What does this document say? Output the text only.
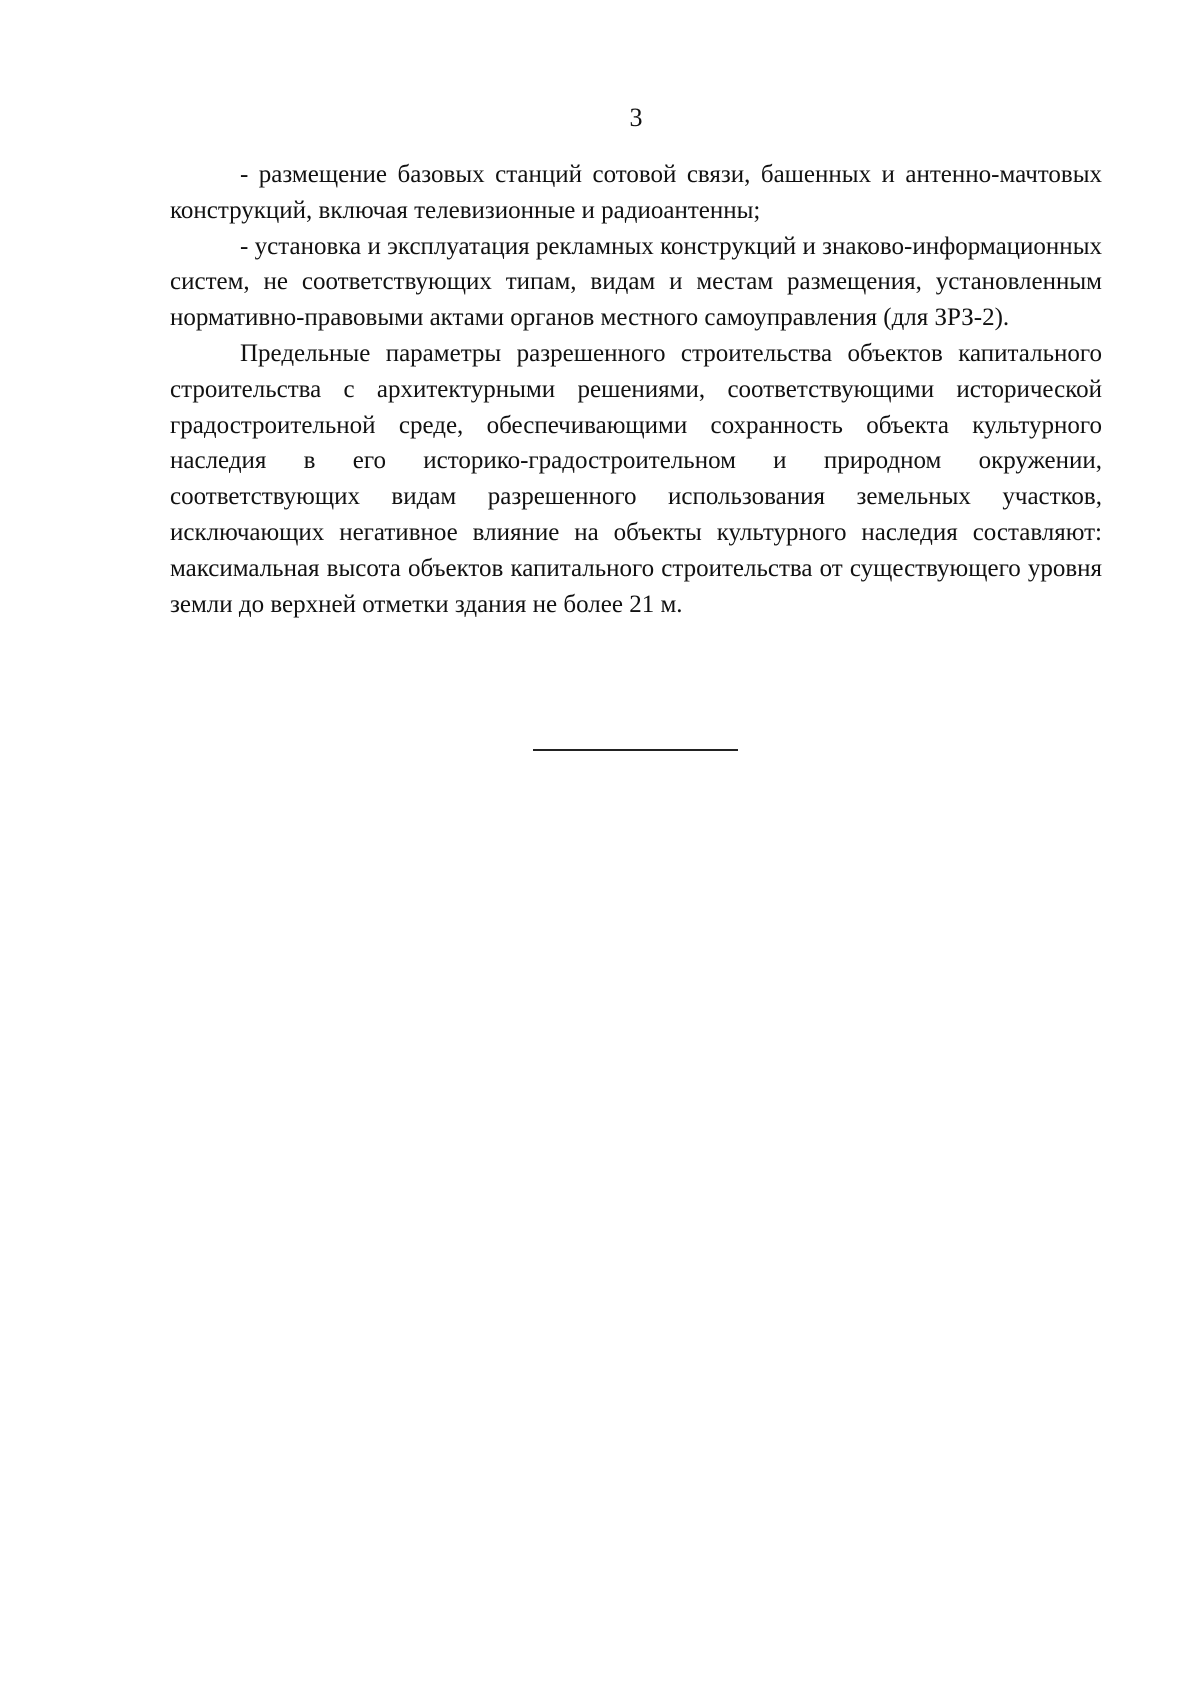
3

- размещение базовых станций сотовой связи, башенных и антенно-мачтовых конструкций, включая телевизионные и радиоантенны;

- установка и эксплуатация рекламных конструкций и знаково-информационных систем, не соответствующих типам, видам и местам размещения, установленным нормативно-правовыми актами органов местного самоуправления (для ЗРЗ-2).

Предельные параметры разрешенного строительства объектов капитального строительства с архитектурными решениями, соответствующими исторической градостроительной среде, обеспечивающими сохранность объекта культурного наследия в его историко-градостроительном и природном окружении, соответствующих видам разрешенного использования земельных участков, исключающих негативное влияние на объекты культурного наследия составляют: максимальная высота объектов капитального строительства от существующего уровня земли до верхней отметки здания не более 21 м.
